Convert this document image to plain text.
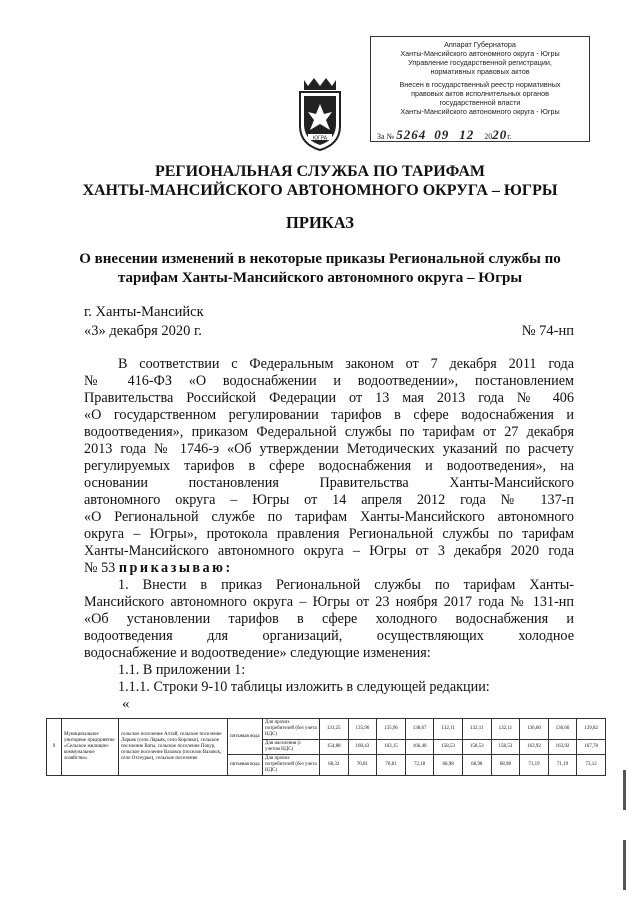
Аппарат Губернатора
Ханты-Мансийского автономного округа - Югры
Управление государственной регистрации,
нормативных правовых актов
Внесен в государственный реестр нормативных
правовых актов исполнительных органов
государственной власти
Ханты-Мансийского автономного округа - Югры
За № 5264 09 12 2020г.
ЮГРА
РЕГИОНАЛЬНАЯ СЛУЖБА ПО ТАРИФАМ
ХАНТЫ-МАНСИЙСКОГО АВТОНОМНОГО ОКРУГА – ЮГРЫ
ПРИКАЗ
О внесении изменений в некоторые приказы Региональной службы по
тарифам Ханты-Мансийского автономного округа – Югры
г. Ханты-Мансийск
«3» декабря 2020 г.	№ 74-нп
В соответствии с Федеральным законом от 7 декабря 2011 года
№ 416-ФЗ «О водоснабжении и водоотведении», постановлением
Правительства Российской Федерации от 13 мая 2013 года № 406
«О государственном регулировании тарифов в сфере водоснабжения и
водоотведения», приказом Федеральной службы по тарифам от 27 декабря
2013 года № 1746-э «Об утверждении Методических указаний по расчету
регулируемых тарифов в сфере водоснабжения и водоотведения», на
основании постановления Правительства Ханты-Мансийского
автономного округа – Югры от 14 апреля 2012 года № 137-п
«О Региональной службе по тарифам Ханты-Мансийского автономного
округа – Югры», протокола правления Региональной службы по тарифам
Ханты-Мансийского автономного округа – Югры от 3 декабря 2020 года
№ 53 приказываю:
1. Внести в приказ Региональной службы по тарифам Ханты-
Мансийского автономного округа – Югры от 23 ноября 2017 года № 131-нп
«Об установлении тарифов в сфере холодного водоснабжения и
водоотведения для организаций, осуществляющих холодное
водоснабжение и водоотведение» следующие изменения:
1.1. В приложении 1:
1.1.1. Строки 9-10 таблицы изложить в следующей редакции:
«
9	Муниципальное унитарное предприятие «Сельское жилищно-коммунальное хозяйство»	сельское поселение Алтай, сельское поселение Ларьяк (село Ларьяк, село Корлики), сельское поселение Ваты, сельское поселение Покур, сельское поселение Ваховск (поселок Ваховск, село Охтеурье), сельское поселение	питьевая вода	Для прочих потребителей (без учета НДС)	131,25	135,96	135,96	138,67	132,11	132,11	132,11	136,60	136,60	139,82
				Для населения (с учетом НДС)	154,88	160,43	163,15	166,40	158,53	158,53	158,53	163,92	163,92	167,78
			питьевая вода	Для прочих потребителей (без учета НДС)	68,32	70,81	70,81	72,18	68,98	68,98	68,98	71,19	71,19	73,12
